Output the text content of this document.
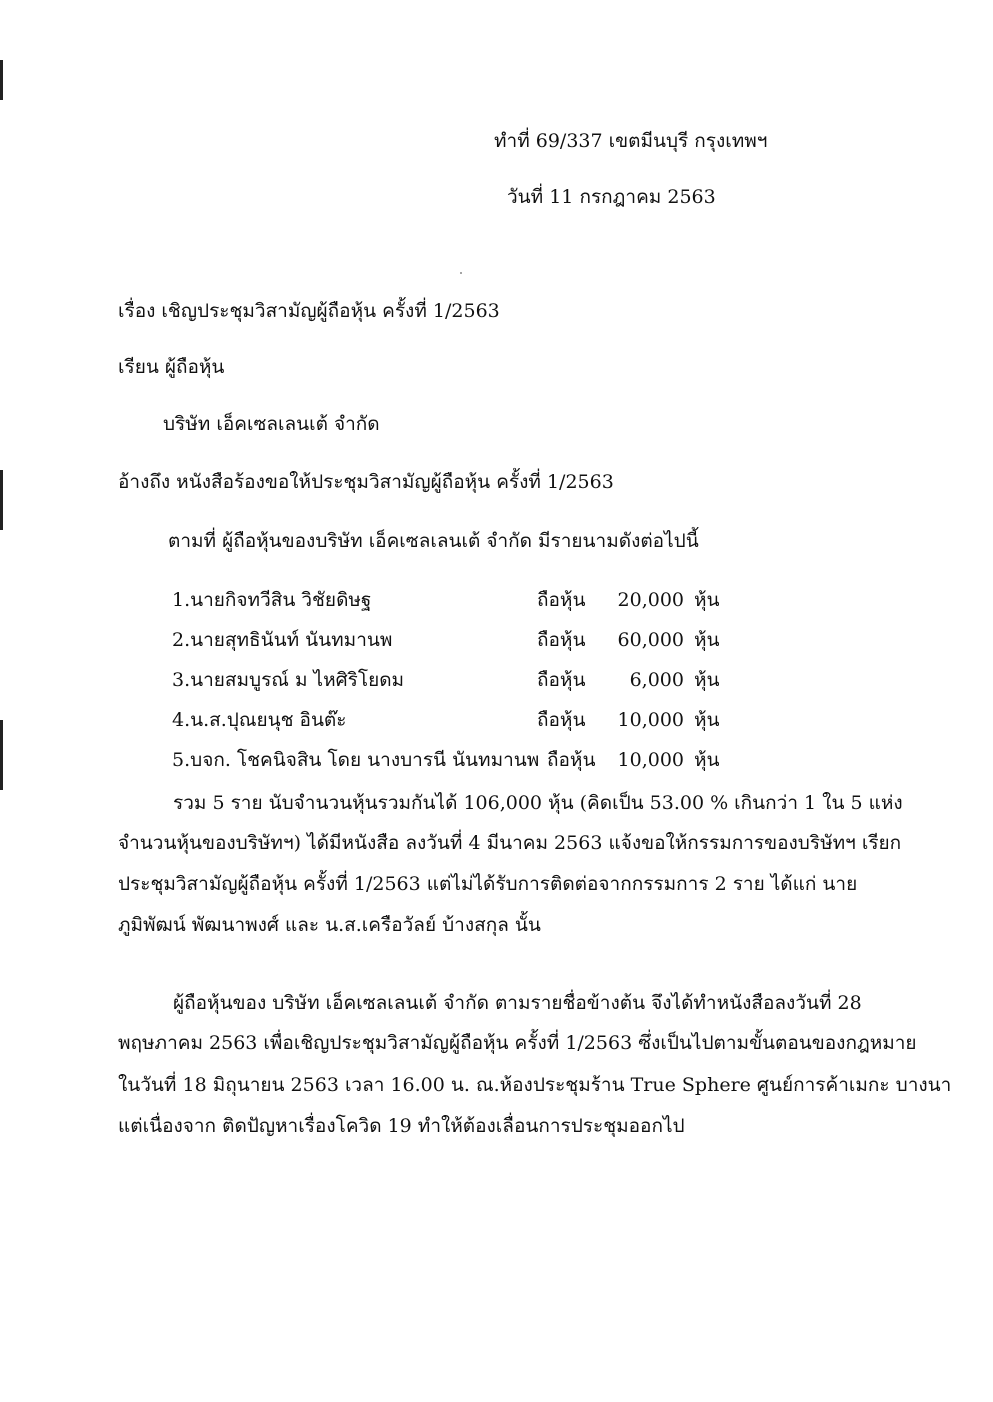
ทำที่ 69/337 เขตมีนบุรี กรุงเทพฯ
วันที่ 11 กรกฎาคม 2563
เรื่อง เชิญประชุมวิสามัญผู้ถือหุ้น ครั้งที่ 1/2563
เรียน ผู้ถือหุ้น
บริษัท เอ็คเซลเลนเต้ จำกัด
อ้างถึง หนังสือร้องขอให้ประชุมวิสามัญผู้ถือหุ้น ครั้งที่ 1/2563
ตามที่ ผู้ถือหุ้นของบริษัท เอ็คเซลเลนเต้ จำกัด มีรายนามดังต่อไปนี้
1.นายกิจทวีสิน วิชัยดิษฐ	ถือหุ้น	20,000 หุ้น
2.นายสุทธินันท์ นันทมานพ	ถือหุ้น	60,000 หุ้น
3.นายสมบูรณ์ ม ไหศิริโยดม	ถือหุ้น	6,000 หุ้น
4.น.ส.ปุณยนุช อินต๊ะ	ถือหุ้น	10,000 หุ้น
5.บจก. โชคนิจสิน โดย นางบารนี นันทมานพ ถือหุ้น	10,000 หุ้น
รวม 5 ราย นับจำนวนหุ้นรวมกันได้ 106,000 หุ้น (คิดเป็น 53.00 % เกินกว่า 1 ใน 5 แห่ง
จำนวนหุ้นของบริษัทฯ) ได้มีหนังสือ ลงวันที่ 4 มีนาคม 2563 แจ้งขอให้กรรมการของบริษัทฯ เรียก
ประชุมวิสามัญผู้ถือหุ้น ครั้งที่ 1/2563 แต่ไม่ได้รับการติดต่อจากกรรมการ 2 ราย ได้แก่ นาย
ภูมิพัฒน์ พัฒนาพงศ์ และ น.ส.เครือวัลย์ บ้างสกุล นั้น
ผู้ถือหุ้นของ บริษัท เอ็คเซลเลนเต้ จำกัด ตามรายชื่อข้างต้น จึงได้ทำหนังสือลงวันที่ 28
พฤษภาคม 2563 เพื่อเชิญประชุมวิสามัญผู้ถือหุ้น ครั้งที่ 1/2563 ซึ่งเป็นไปตามขั้นตอนของกฎหมาย
ในวันที่ 18 มิถุนายน 2563 เวลา 16.00 น. ณ.ห้องประชุมร้าน True Sphere ศูนย์การค้าเมกะ บางนา
แต่เนื่องจาก ติดปัญหาเรื่องโควิด 19 ทำให้ต้องเลื่อนการประชุมออกไป
